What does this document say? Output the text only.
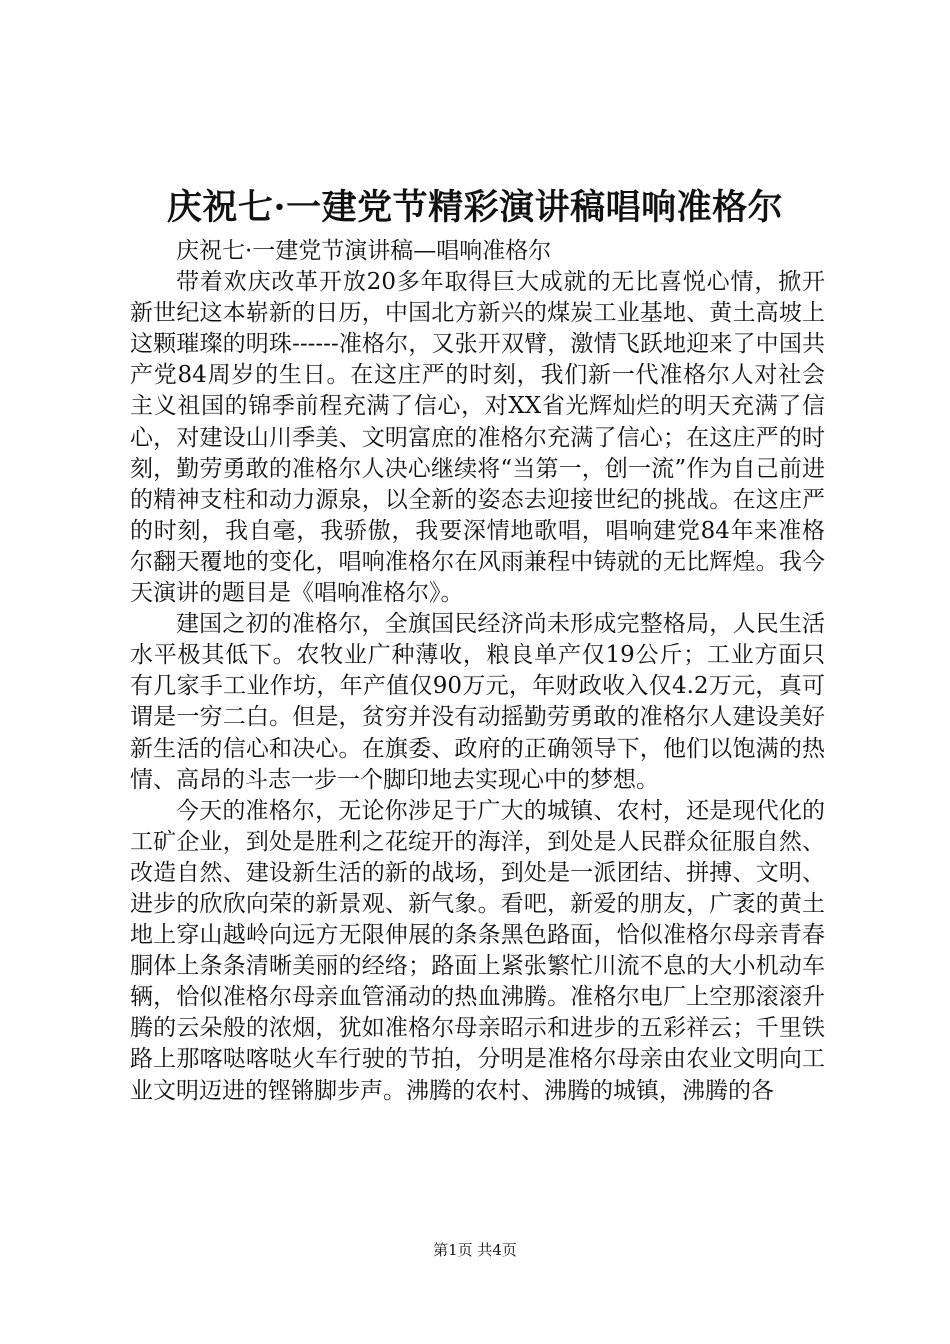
庆祝七·一建党节精彩演讲稿唱响准格尔

庆祝七·一建党节演讲稿—唱响准格尔

带着欢庆改革开放20多年取得巨大成就的无比喜悦心情，掀开新世纪这本崭新的日历，中国北方新兴的煤炭工业基地、黄土高坡上这颗璀璨的明珠------准格尔，又张开双臂，激情飞跃地迎来了中国共产党84周岁的生日。在这庄严的时刻，我们新一代准格尔人对社会主义祖国的锦季前程充满了信心，对XX省光辉灿烂的明天充满了信心，对建设山川季美、文明富庶的准格尔充满了信心；在这庄严的时刻，勤劳勇敢的准格尔人决心继续将“当第一，创一流”作为自己前进的精神支柱和动力源泉，以全新的姿态去迎接世纪的挑战。在这庄严的时刻，我自毫，我骄傲，我要深情地歌唱，唱响建党84年来准格尔翻天覆地的变化，唱响准格尔在风雨兼程中铸就的无比辉煌。我今天演讲的题目是《唱响准格尔》。

建国之初的准格尔，全旗国民经济尚未形成完整格局，人民生活水平极其低下。农牧业广种薄收，粮良单产仅19公斤；工业方面只有几家手工业作坊，年产值仅90万元，年财政收入仅4.2万元，真可谓是一穷二白。但是，贫穷并没有动摇勤劳勇敢的准格尔人建设美好新生活的信心和决心。在旗委、政府的正确领导下，他们以饱满的热情、高昂的斗志一步一个脚印地去实现心中的梦想。

今天的准格尔，无论你涉足于广大的城镇、农村，还是现代化的工矿企业，到处是胜利之花绽开的海洋，到处是人民群众征服自然、改造自然、建设新生活的新的战场，到处是一派团结、拼搏、文明、进步的欣欣向荣的新景观、新气象。看吧，新爱的朋友，广袤的黄土地上穿山越岭向远方无限伸展的条条黑色路面，恰似准格尔母亲青春胴体上条条清晰美丽的经络；路面上紧张繁忙川流不息的大小机动车辆，恰似准格尔母亲血管涌动的热血沸腾。准格尔电厂上空那滚滚升腾的云朵般的浓烟，犹如准格尔母亲昭示和进步的五彩祥云；千里铁路上那喀哒喀哒火车行驶的节拍，分明是准格尔母亲由农业文明向工业文明迈进的铿锵脚步声。沸腾的农村、沸腾的城镇，沸腾的各

第1页 共4页
